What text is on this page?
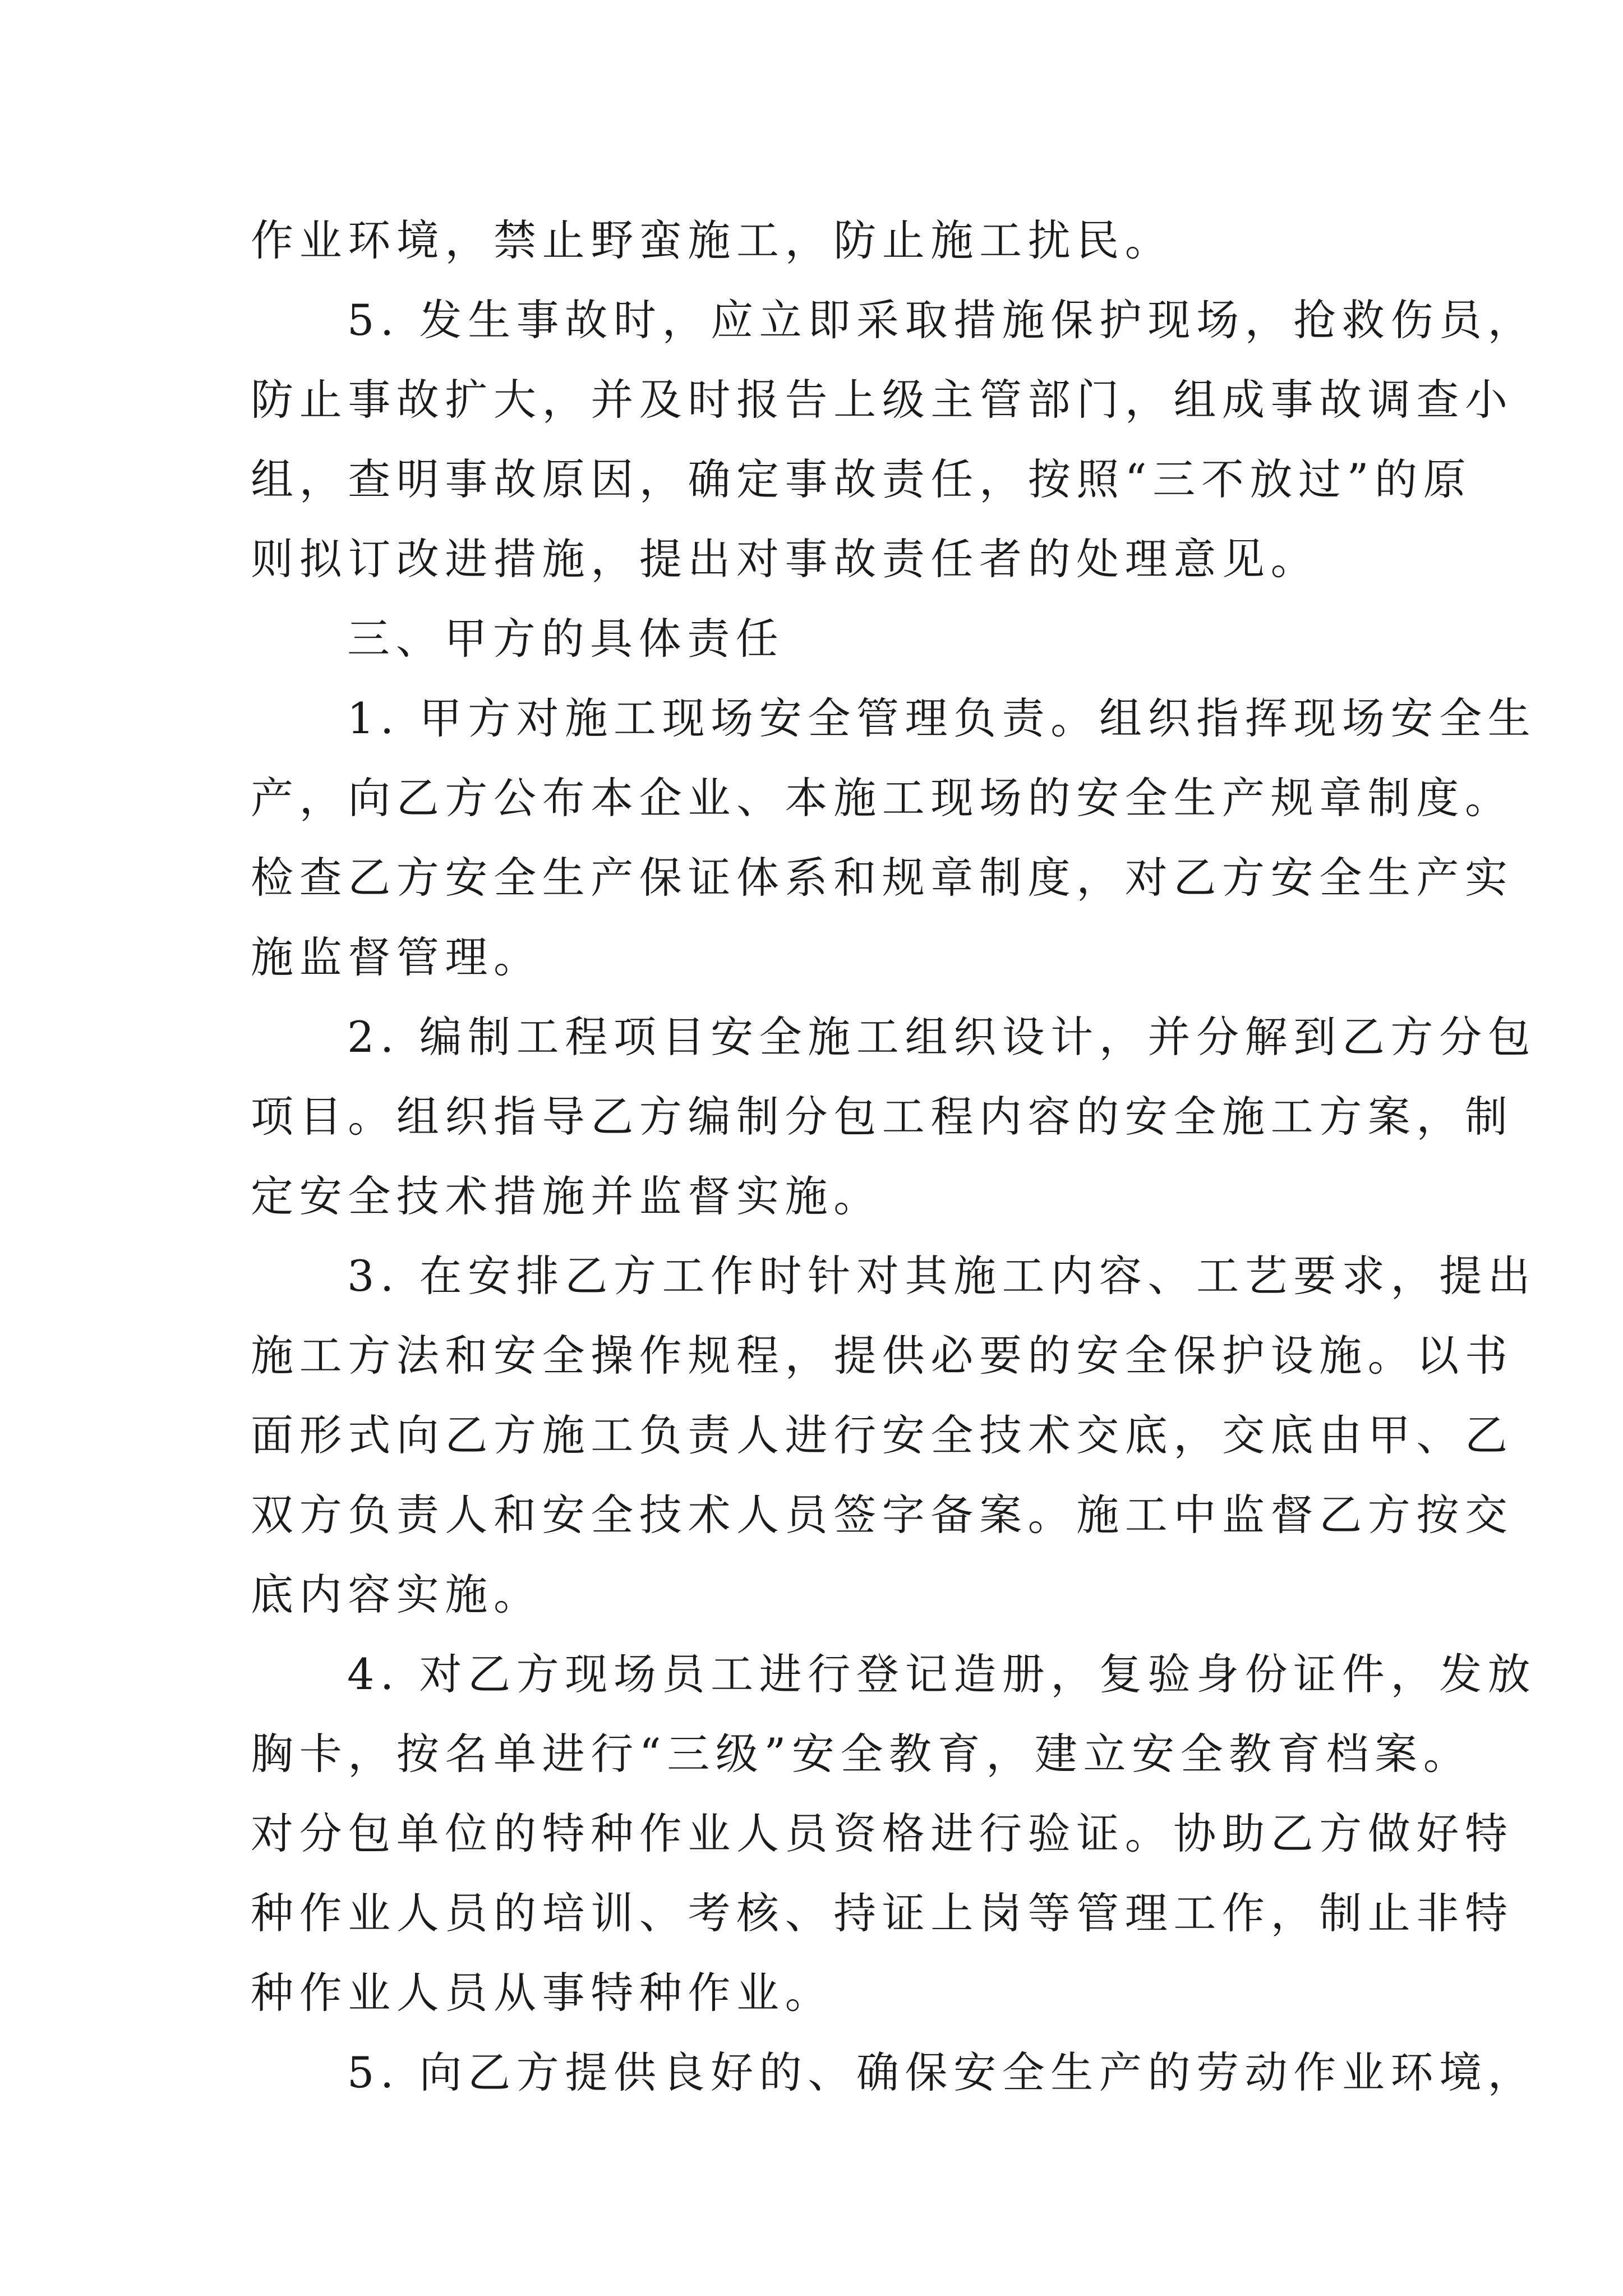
作业环境，禁止野蛮施工，防止施工扰民。
5. 发生事故时，应立即采取措施保护现场，抢救伤员，
防止事故扩大，并及时报告上级主管部门，组成事故调查小
组，查明事故原因，确定事故责任，按照“三不放过”的原
则拟订改进措施，提出对事故责任者的处理意见。
三、甲方的具体责任
1. 甲方对施工现场安全管理负责。组织指挥现场安全生
产，向乙方公布本企业、本施工现场的安全生产规章制度。
检查乙方安全生产保证体系和规章制度，对乙方安全生产实
施监督管理。
2. 编制工程项目安全施工组织设计，并分解到乙方分包
项目。组织指导乙方编制分包工程内容的安全施工方案，制
定安全技术措施并监督实施。
3. 在安排乙方工作时针对其施工内容、工艺要求，提出
施工方法和安全操作规程，提供必要的安全保护设施。以书
面形式向乙方施工负责人进行安全技术交底，交底由甲、乙
双方负责人和安全技术人员签字备案。施工中监督乙方按交
底内容实施。
4. 对乙方现场员工进行登记造册，复验身份证件，发放
胸卡，按名单进行“三级”安全教育，建立安全教育档案。
对分包单位的特种作业人员资格进行验证。协助乙方做好特
种作业人员的培训、考核、持证上岗等管理工作，制止非特
种作业人员从事特种作业。
5. 向乙方提供良好的、确保安全生产的劳动作业环境，
